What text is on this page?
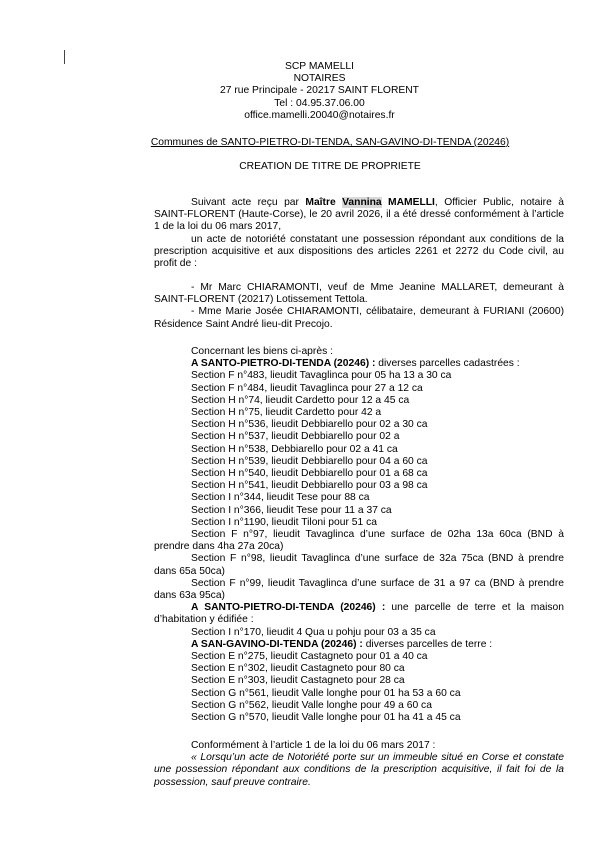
SCP MAMELLI
NOTAIRES
27 rue Principale - 20217 SAINT FLORENT
Tel : 04.95.37.06.00
office.mamelli.20040@notaires.fr
Communes de SANTO-PIETRO-DI-TENDA, SAN-GAVINO-DI-TENDA (20246)
CREATION DE TITRE DE PROPRIETE
Suivant acte reçu par Maître Vannina MAMELLI, Officier Public, notaire à SAINT-FLORENT (Haute-Corse), le 20 avril 2026, il a été dressé conformément à l’article 1 de la loi du 06 mars 2017,
un acte de notoriété constatant une possession répondant aux conditions de la prescription acquisitive et aux dispositions des articles 2261 et 2272 du Code civil, au profit de :
- Mr Marc CHIARAMONTI, veuf de Mme Jeanine MALLARET, demeurant à SAINT-FLORENT (20217) Lotissement Tettola.
- Mme Marie Josée CHIARAMONTI, célibataire, demeurant à FURIANI (20600) Résidence Saint André lieu-dit Precojo.
Concernant les biens ci-après :
A SANTO-PIETRO-DI-TENDA (20246) : diverses parcelles cadastrées :
Section F n°483, lieudit Tavaglinca pour 05 ha 13 a 30 ca
Section F n°484, lieudit Tavaglinca pour 27 a 12 ca
Section H n°74, lieudit Cardetto pour 12 a 45 ca
Section H n°75, lieudit Cardetto pour 42 a
Section H n°536, lieudit Debbiarello pour 02 a 30 ca
Section H n°537, lieudit Debbiarello pour 02 a
Section H n°538, Debbiarello pour 02 a 41 ca
Section H n°539, lieudit Debbiarello pour 04 a 60 ca
Section H n°540, lieudit Debbiarello pour 01 a 68 ca
Section H n°541, lieudit Debbiarello pour 03 a 98 ca
Section I n°344, lieudit Tese pour 88 ca
Section I n°366, lieudit Tese pour 11 a 37 ca
Section I n°1190, lieudit Tiloni pour 51 ca
Section F n°97, lieudit Tavaglinca d’une surface de 02ha 13a 60ca (BND à prendre dans 4ha 27a 20ca)
Section F n°98, lieudit Tavaglinca d’une surface de 32a 75ca (BND à prendre dans 65a 50ca)
Section F n°99, lieudit Tavaglinca d’une surface de 31 a 97 ca (BND à prendre dans 63a 95ca)
A SANTO-PIETRO-DI-TENDA (20246) : une parcelle de terre et la maison d’habitation y édifiée :
Section I n°170, lieudit 4 Qua u pohju pour 03 a 35 ca
A SAN-GAVINO-DI-TENDA (20246) : diverses parcelles de terre :
Section E n°275, lieudit Castagneto pour 01 a 40 ca
Section E n°302, lieudit Castagneto pour 80 ca
Section E n°303, lieudit Castagneto pour 28 ca
Section G n°561, lieudit Valle longhe pour 01 ha 53 a 60 ca
Section G n°562, lieudit Valle longhe pour 49 a 60 ca
Section G n°570, lieudit Valle longhe pour 01 ha 41 a 45 ca
Conformément à l’article 1 de la loi du 06 mars 2017 :
« Lorsqu’un acte de Notoriété porte sur un immeuble situé en Corse et constate une possession répondant aux conditions de la prescription acquisitive, il fait foi de la possession, sauf preuve contraire.
